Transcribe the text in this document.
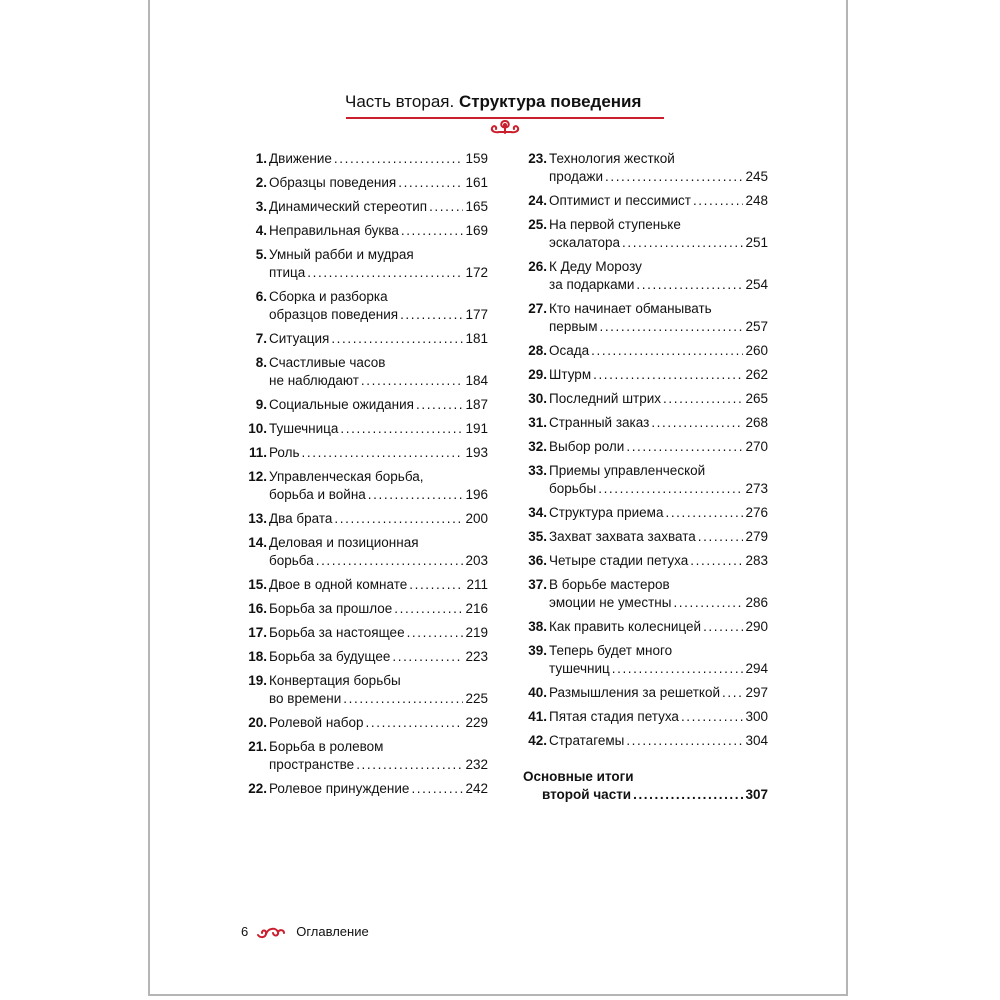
Часть вторая. Структура поведения
1. Движение .....	159
2. Образцы поведения .....	161
3. Динамический стереотип .....	165
4. Неправильная буква .....	169
5. Умный рабби и мудрая
птица .....	172
6. Сборка и разборка
образцов поведения .....	177
7. Ситуация .....	181
8. Счастливые часов
не наблюдают .....	184
9. Социальные ожидания .....	187
10. Тушечница .....	191
11. Роль .....	193
12. Управленческая борьба,
борьба и война .....	196
13. Два брата .....	200
14. Деловая и позиционная
борьба .....	203
15. Двое в одной комнате .....	211
16. Борьба за прошлое .....	216
17. Борьба за настоящее .....	219
18. Борьба за будущее .....	223
19. Конвертация борьбы
во времени .....	225
20. Ролевой набор .....	229
21. Борьба в ролевом
пространстве .....	232
22. Ролевое принуждение .....	242
23. Технология жесткой
продажи .....	245
24. Оптимист и пессимист .....	248
25. На первой ступеньке
эскалатора .....	251
26. К Деду Морозу
за подарками .....	254
27. Кто начинает обманывать
первым .....	257
28. Осада .....	260
29. Штурм .....	262
30. Последний штрих .....	265
31. Странный заказ .....	268
32. Выбор роли .....	270
33. Приемы управленческой
борьбы .....	273
34. Структура приема .....	276
35. Захват захвата захвата .....	279
36. Четыре стадии петуха .....	283
37. В борьбе мастеров
эмоции не уместны .....	286
38. Как править колесницей .....	290
39. Теперь будет много
тушечниц .....	294
40. Размышления за решеткой ..... 297
41. Пятая стадия петуха .....	300
42. Стратагемы .....	304
Основные итоги
второй части .....	307
6	Оглавление
